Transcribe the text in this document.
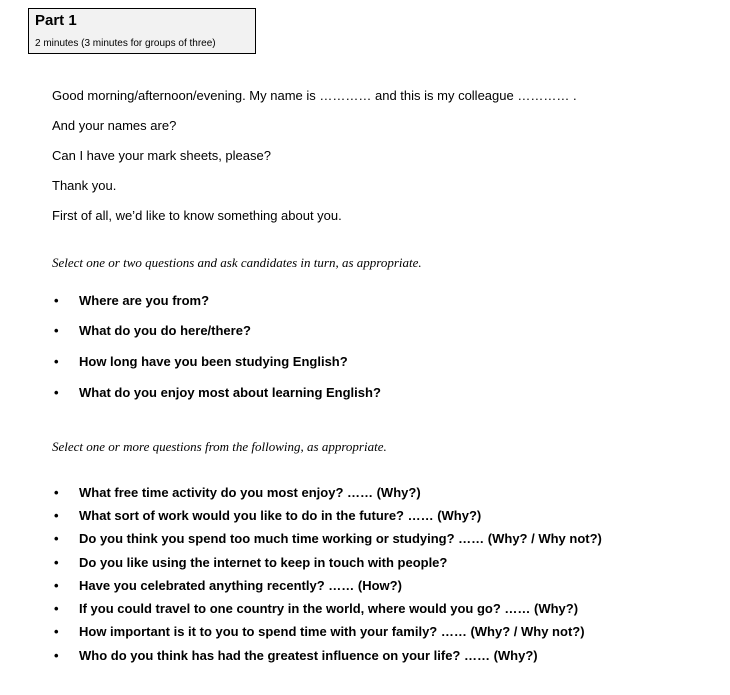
Part 1
2 minutes (3 minutes for groups of three)
Good morning/afternoon/evening. My name is ………… and this is my colleague ………… .
And your names are?
Can I have your mark sheets, please?
Thank you.
First of all, we’d like to know something about you.
Select one or two questions and ask candidates in turn, as appropriate.
• Where are you from?
• What do you do here/there?
• How long have you been studying English?
• What do you enjoy most about learning English?
Select one or more questions from the following, as appropriate.
• What free time activity do you most enjoy? …… (Why?)
• What sort of work would you like to do in the future? …… (Why?)
• Do you think you spend too much time working or studying? …… (Why? / Why not?)
• Do you like using the internet to keep in touch with people?
• Have you celebrated anything recently? …… (How?)
• If you could travel to one country in the world, where would you go? …… (Why?)
• How important is it to you to spend time with your family? …… (Why? / Why not?)
• Who do you think has had the greatest influence on your life? …… (Why?)
